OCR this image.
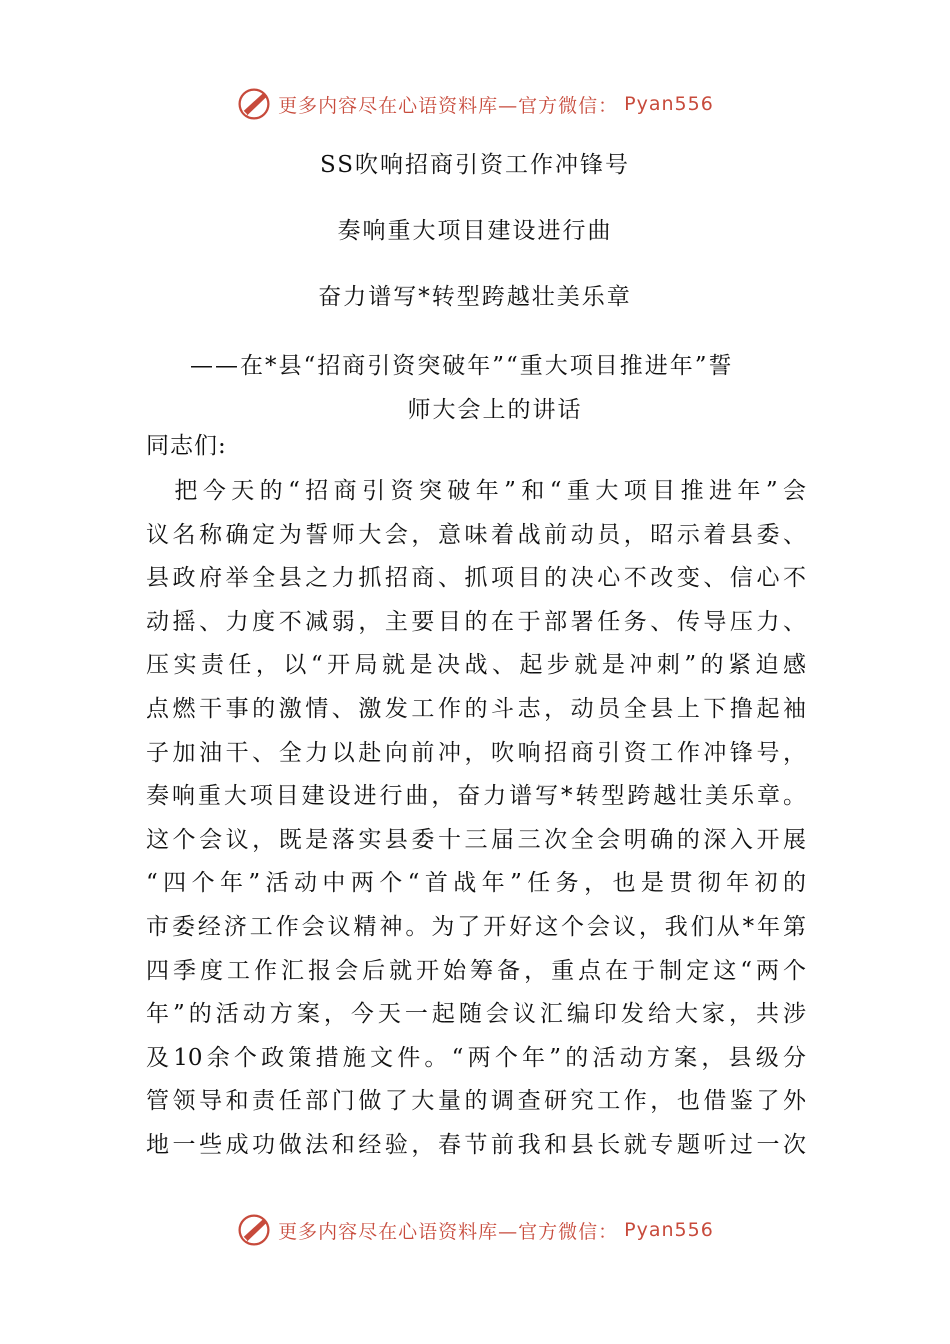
更多内容尽在心语资料库—官方微信： Pyan556
SS吹响招商引资工作冲锋号
奏响重大项目建设进行曲
奋力谱写*转型跨越壮美乐章
——在*县“招商引资突破年”“重大项目推进年”誓
师大会上的讲话
同志们:
　把今天的“招商引资突破年”和“重大项目推进年”会
议名称确定为誓师大会，意味着战前动员，昭示着县委、
县政府举全县之力抓招商、抓项目的决心不改变、信心不
动摇、力度不减弱，主要目的在于部署任务、传导压力、
压实责任，以“开局就是决战、起步就是冲刺”的紧迫感
点燃干事的激情、激发工作的斗志，动员全县上下撸起袖
子加油干、全力以赴向前冲，吹响招商引资工作冲锋号，
奏响重大项目建设进行曲，奋力谱写*转型跨越壮美乐章。
这个会议，既是落实县委十三届三次全会明确的深入开展
“四个年”活动中两个“首战年”任务，也是贯彻年初的
市委经济工作会议精神。为了开好这个会议，我们从*年第
四季度工作汇报会后就开始筹备，重点在于制定这“两个
年”的活动方案，今天一起随会议汇编印发给大家，共涉
及10余个政策措施文件。“两个年”的活动方案，县级分
管领导和责任部门做了大量的调查研究工作，也借鉴了外
地一些成功做法和经验，春节前我和县长就专题听过一次
更多内容尽在心语资料库—官方微信： Pyan556
